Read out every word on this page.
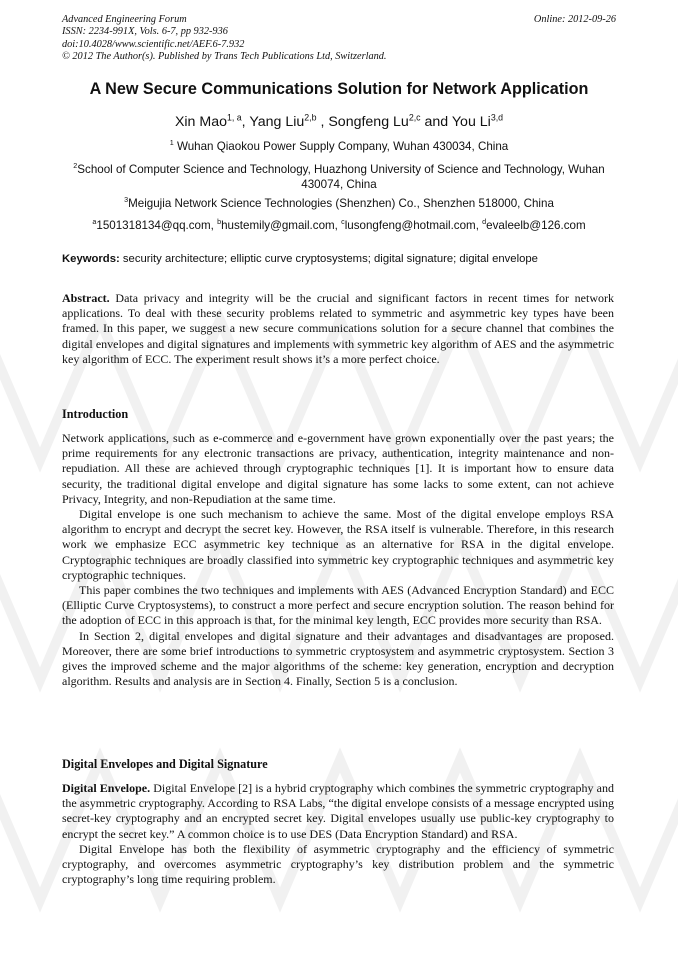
Advanced Engineering Forum
ISSN: 2234-991X, Vols. 6-7, pp 932-936
doi:10.4028/www.scientific.net/AEF.6-7.932
© 2012 The Author(s). Published by Trans Tech Publications Ltd, Switzerland.
Online: 2012-09-26
A New Secure Communications Solution for Network Application
Xin Mao$^{1, a}$, Yang Liu$^{2,b}$ , Songfeng Lu$^{2,c}$ and You Li$^{3,d}$
$^1$ Wuhan Qiaokou Power Supply Company, Wuhan 430034, China
$^2$School of Computer Science and Technology, Huazhong University of Science and Technology, Wuhan 430074, China
$^3$Meigujia Network Science Technologies (Shenzhen) Co., Shenzhen 518000, China
$^a$1501318134@qq.com, $^b$hustemily@gmail.com, $^c$lusongfeng@hotmail.com, $^d$evaleelb@126.com
Keywords: security architecture; elliptic curve cryptosystems; digital signature; digital envelope

Abstract. Data privacy and integrity will be the crucial and significant factors in recent times for network applications. To deal with these security problems related to symmetric and asymmetric key types have been framed. In this paper, we suggest a new secure communications solution for a secure channel that combines the digital envelopes and digital signatures and implements with symmetric key algorithm of AES and the asymmetric key algorithm of ECC. The experiment result shows it’s a more perfect choice.

Introduction

Network applications, such as e-commerce and e-government have grown exponentially over the past years; the prime requirements for any electronic transactions are privacy, authentication, integrity maintenance and non-repudiation. All these are achieved through cryptographic techniques [1]. It is important how to ensure data security, the traditional digital envelope and digital signature has some lacks to some extent, can not achieve Privacy, Integrity, and non-Repudiation at the same time.

Digital envelope is one such mechanism to achieve the same. Most of the digital envelope employs RSA algorithm to encrypt and decrypt the secret key. However, the RSA itself is vulnerable. Therefore, in this research work we emphasize ECC asymmetric key technique as an alternative for RSA in the digital envelope. Cryptographic techniques are broadly classified into symmetric key cryptographic techniques and asymmetric key cryptographic techniques.

This paper combines the two techniques and implements with AES (Advanced Encryption Standard) and ECC (Elliptic Curve Cryptosystems), to construct a more perfect and secure encryption solution. The reason behind for the adoption of ECC in this approach is that, for the minimal key length, ECC provides more security than RSA.

In Section 2, digital envelopes and digital signature and their advantages and disadvantages are proposed. Moreover, there are some brief introductions to symmetric cryptosystem and asymmetric cryptosystem. Section 3 gives the improved scheme and the major algorithms of the scheme: key generation, encryption and decryption algorithm. Results and analysis are in Section 4. Finally, Section 5 is a conclusion.

Digital Envelopes and Digital Signature

Digital Envelope. Digital Envelope [2] is a hybrid cryptography which combines the symmetric cryptography and the asymmetric cryptography. According to RSA Labs, “the digital envelope consists of a message encrypted using secret-key cryptography and an encrypted secret key. Digital envelopes usually use public-key cryptography to encrypt the secret key.” A common choice is to use DES (Data Encryption Standard) and RSA.

Digital Envelope has both the flexibility of asymmetric cryptography and the efficiency of symmetric cryptography, and overcomes asymmetric cryptography’s key distribution problem and the symmetric cryptography’s long time requiring problem.
